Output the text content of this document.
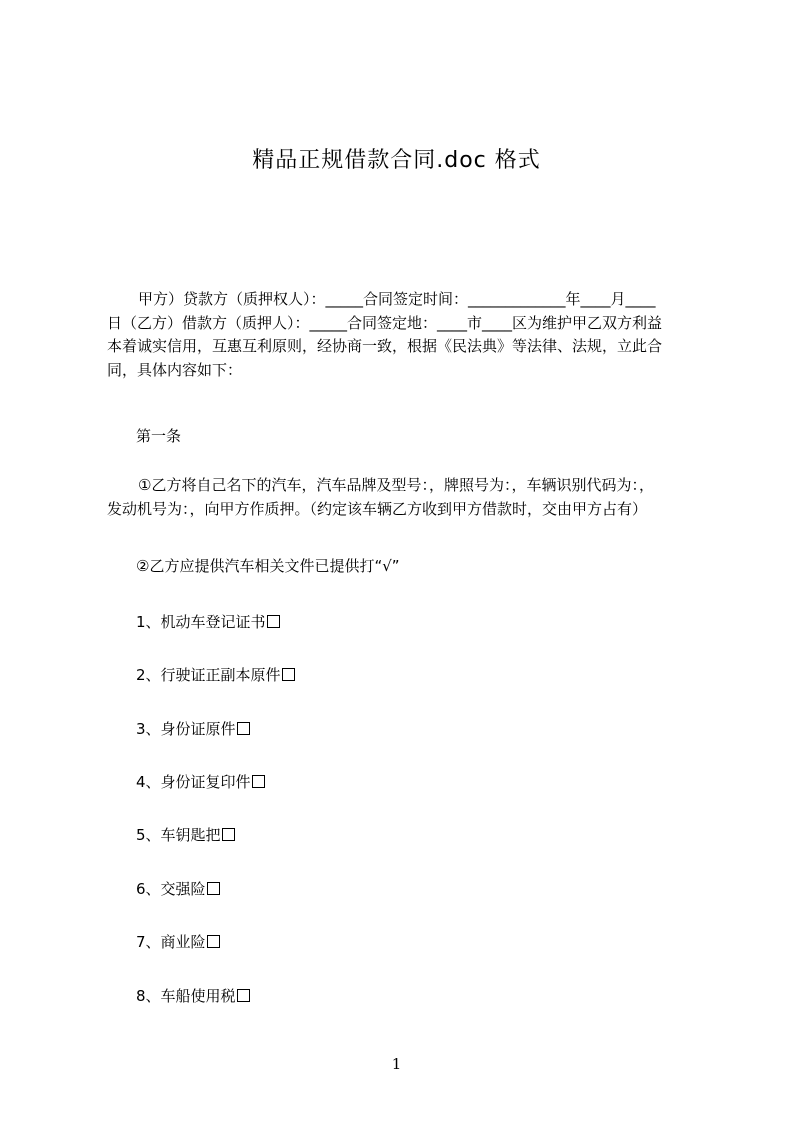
精品正规借款合同.doc 格式
甲方）贷款方（质押权人）：_____合同签定时间：_____________年____月____
日（乙方）借款方（质押人）：_____合同签定地：____市____区为维护甲乙双方利益
本着诚实信用，互惠互利原则，经协商一致，根据《民法典》等法律、法规，立此合
同，具体内容如下：
第一条
①乙方将自己名下的汽车，汽车品牌及型号：，牌照号为：，车辆识别代码为：，
发动机号为：，向甲方作质押。（约定该车辆乙方收到甲方借款时，交由甲方占有）
②乙方应提供汽车相关文件已提供打“√”
1、机动车登记证书
2、行驶证正副本原件
3、身份证原件
4、身份证复印件
5、车钥匙把
6、交强险
7、商业险
8、车船使用税
1
